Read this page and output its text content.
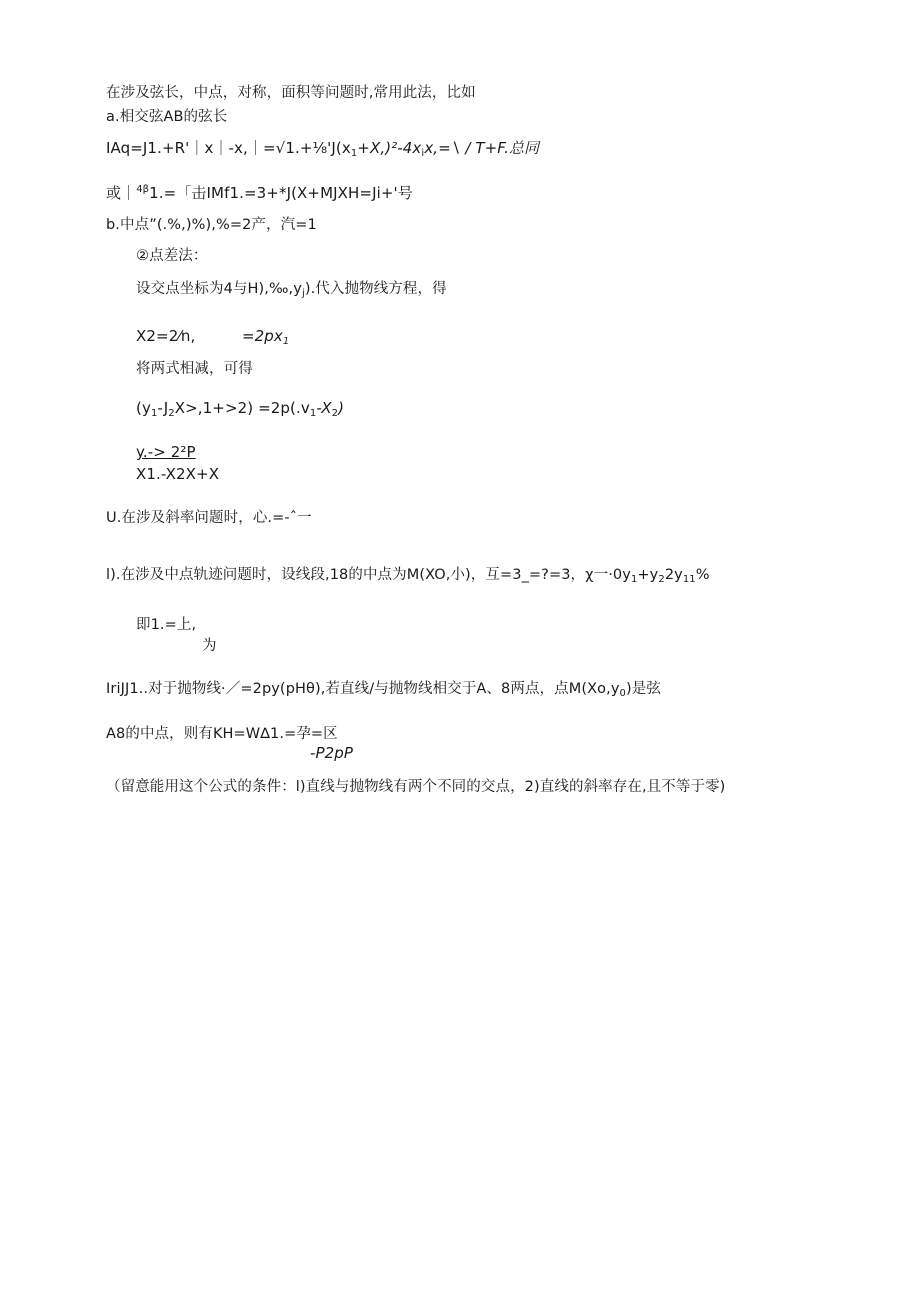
在涉及弦长，中点，对称，面积等问题时,常用此法，比如
a.相交弦AB的弦长
$IAq=J1.+R'|x|-x,|=√1.+\frac{1}{8}'J(x_1+X,)^2-4x_ix,=∖ / T+F$.总同
或｜$^{4\beta}$1.=「击IMf1.=3+*J(X+MJXH=Ji+'号
b.中点”(.%,)%),%=2产，汽=1
②点差法：
设交点坐标为4与$H),‰,y_j$).代入抛物线方程，得
X2=2⁄n,	$=2px_1$
将两式相减，可得
$(y_1-J_2X>,1+>2) =2p(.v_1-X_2)$
y.-> 2²P
X1.-X2X+X
U.在涉及斜率问题时，心.=-ˆ一
l).在涉及中点轨迹问题时，设线段,18的中点为M(XO,小)，互=3_=?=3，χ一$\cdot 0y_1+y_22y_{11}\%$
即1.=上,
为
IriJJ1..对于抛物线·／=2py(pHθ),若直线/与抛物线相交于A、8两点，点$M(Xo,y_0)$是弦
A8的中点，则有KH=W∆1.=孕=区
-P2pP
（留意能用这个公式的条件：l)直线与抛物线有两个不同的交点，2)直线的斜率存在,且不等于零)
